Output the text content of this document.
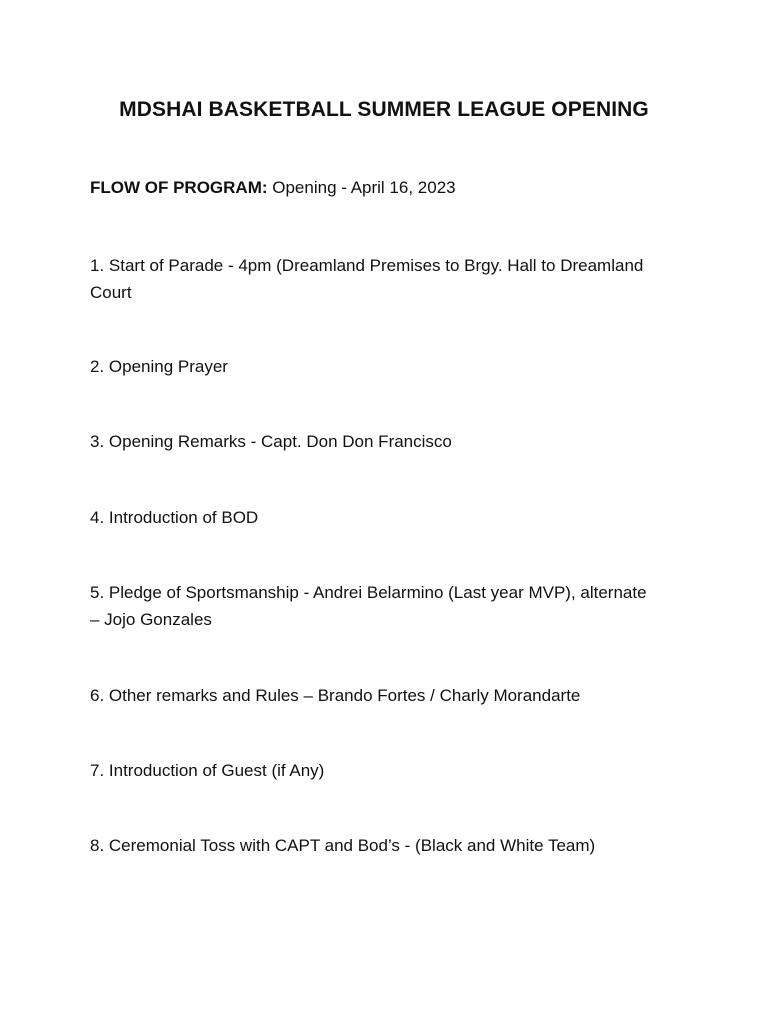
MDSHAI BASKETBALL SUMMER LEAGUE OPENING
FLOW OF PROGRAM: Opening - April 16, 2023
1. Start of Parade - 4pm (Dreamland Premises to Brgy. Hall to Dreamland Court
2. Opening Prayer
3. Opening Remarks - Capt. Don Don Francisco
4. Introduction of BOD
5. Pledge of Sportsmanship - Andrei Belarmino (Last year MVP), alternate – Jojo Gonzales
6. Other remarks and Rules – Brando Fortes / Charly Morandarte
7. Introduction of Guest (if Any)
8. Ceremonial Toss with CAPT and Bod’s - (Black and White Team)
